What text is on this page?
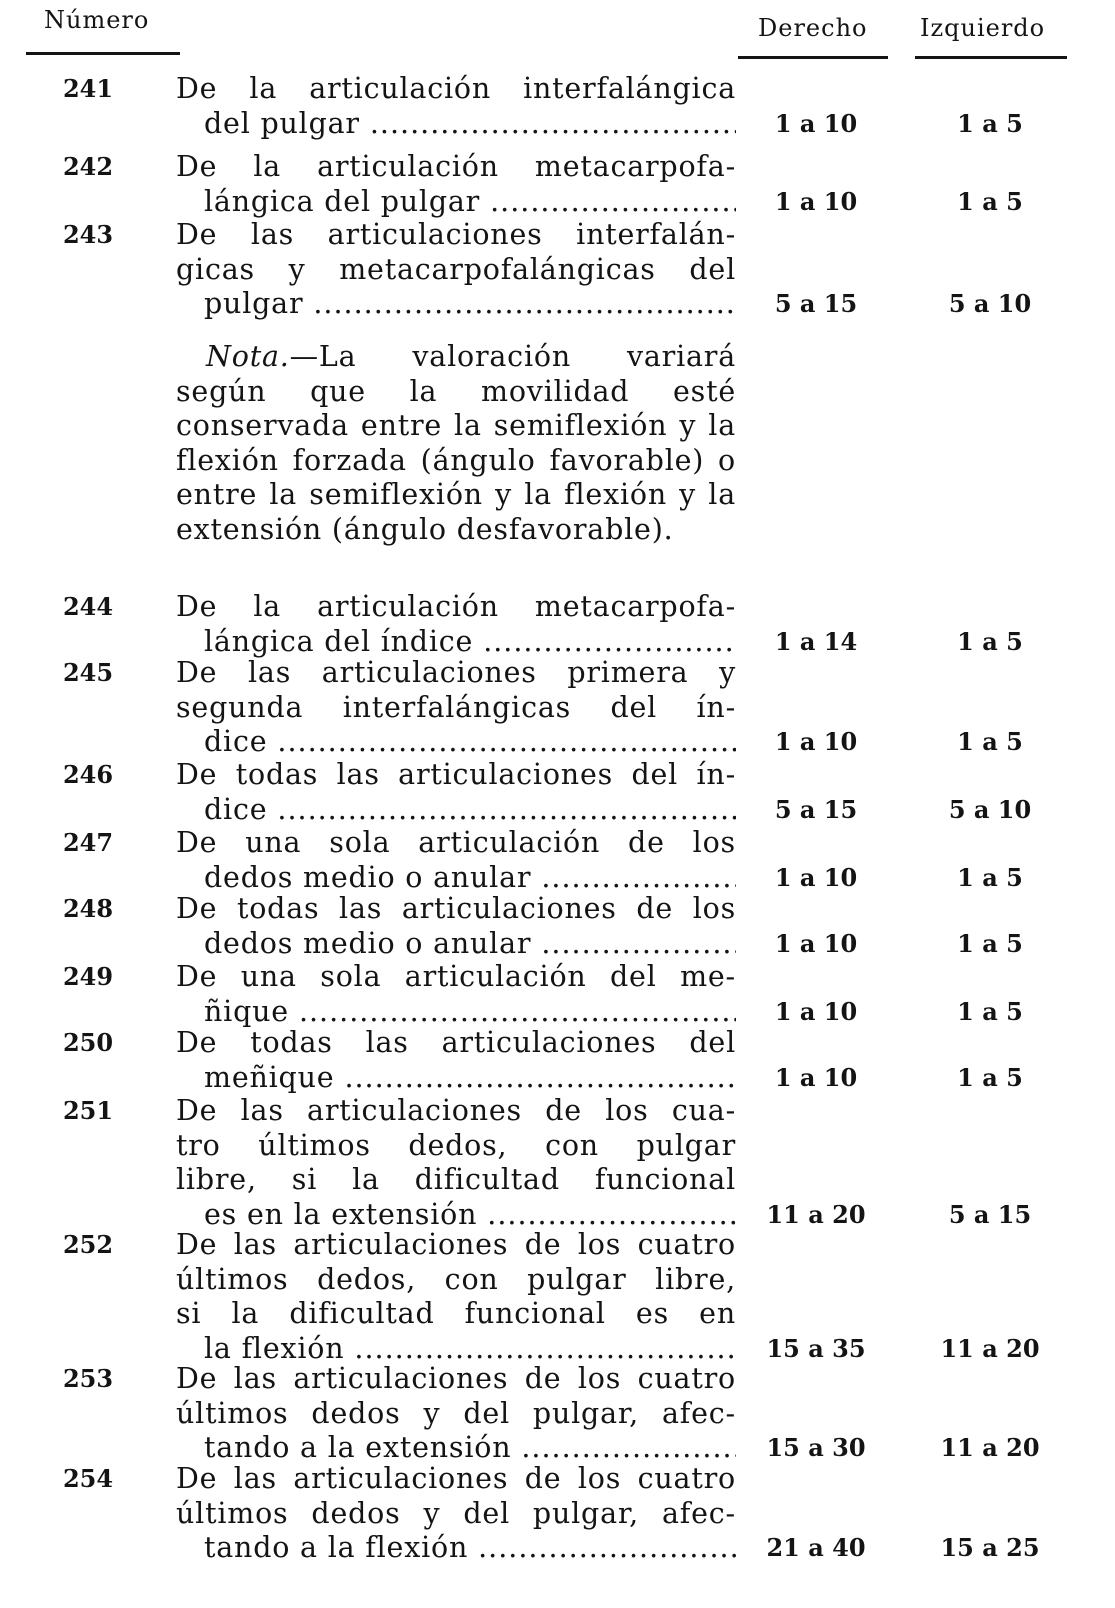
Número	Derecho Izquierdo
241 De la articulación interfalángica
del pulgar .....	1 a 10	1 a 5
242 De la articulación metacarpofa-
lángica del pulgar .....	1 a 10	1 a 5
243 De las articulaciones interfalán-
gicas y metacarpofalángicas del
pulgar .....	5 a 15	5 a 10
244 De la articulación metacarpofa-
lángica del índice .....	1 a 14	1 a 5
245 De las articulaciones primera y
segunda interfalángicas del ín-
dice .....	1 a 10	1 a 5
246 De todas las articulaciones del ín-
dice .....	5 a 15	5 a 10
247 De una sola articulación de los
dedos medio o anular .....	1 a 10	1 a 5
248 De todas las articulaciones de los
dedos medio o anular .....	1 a 10	1 a 5
249 De una sola articulación del me-
ñique .....	1 a 10	1 a 5
250 De todas las articulaciones del
meñique .....	1 a 10	1 a 5
251 De las articulaciones de los cua-
tro últimos dedos, con pulgar
libre, si la dificultad funcional
es en la extensión .....	11 a 20	5 a 15
252 De las articulaciones de los cuatro
últimos dedos, con pulgar libre,
si la dificultad funcional es en
la flexión .....	15 a 35	11 a 20
253 De las articulaciones de los cuatro
últimos dedos y del pulgar, afec-
tando a la extensión .....	15 a 30	11 a 20
254 De las articulaciones de los cuatro
últimos dedos y del pulgar, afec-
tando a la flexión .....	21 a 40	15 a 25
Nota.—La valoración variará según que la movilidad esté conservada entre la semiflexión y la flexión forzada (ángulo favorable) o entre la semiflexión y la flexión y la extensión (ángulo desfavorable).
